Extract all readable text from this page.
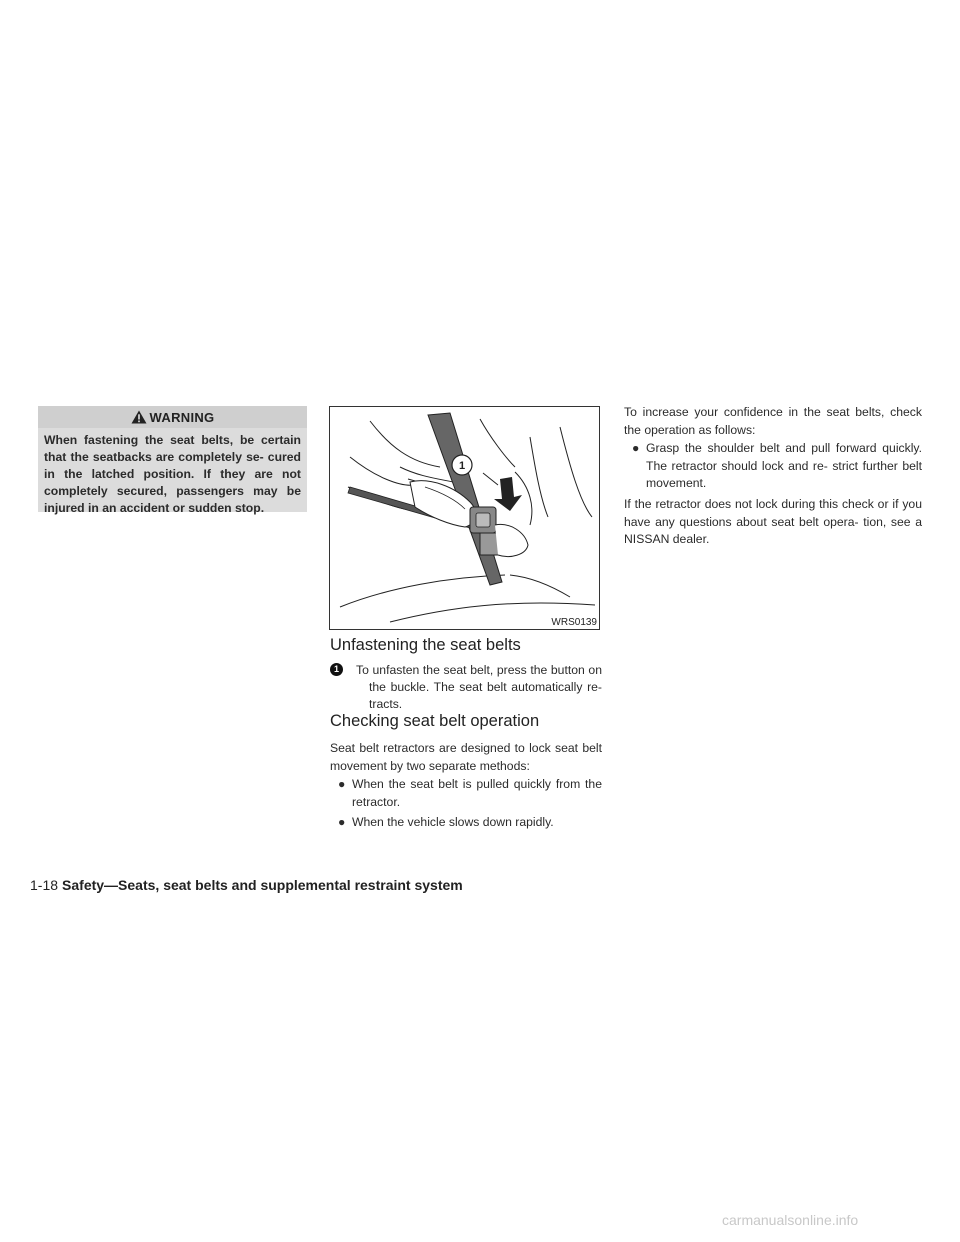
WARNING
When fastening the seat belts, be certain that the seatbacks are completely se- cured in the latched position. If they are not completely secured, passengers may be injured in an accident or sudden stop.
1
WRS0139
Unfastening the seat belts
1	To unfasten the seat belt, press the button on the buckle. The seat belt automatically re- tracts.
Checking seat belt operation
Seat belt retractors are designed to lock seat belt movement by two separate methods:
● When the seat belt is pulled quickly from the retractor.
● When the vehicle slows down rapidly.
To increase your confidence in the seat belts, check the operation as follows:
● Grasp the shoulder belt and pull forward quickly. The retractor should lock and re- strict further belt movement.
If the retractor does not lock during this check or if you have any questions about seat belt opera- tion, see a NISSAN dealer.
1-18 Safety—Seats, seat belts and supplemental restraint system
carmanualsonline.info
